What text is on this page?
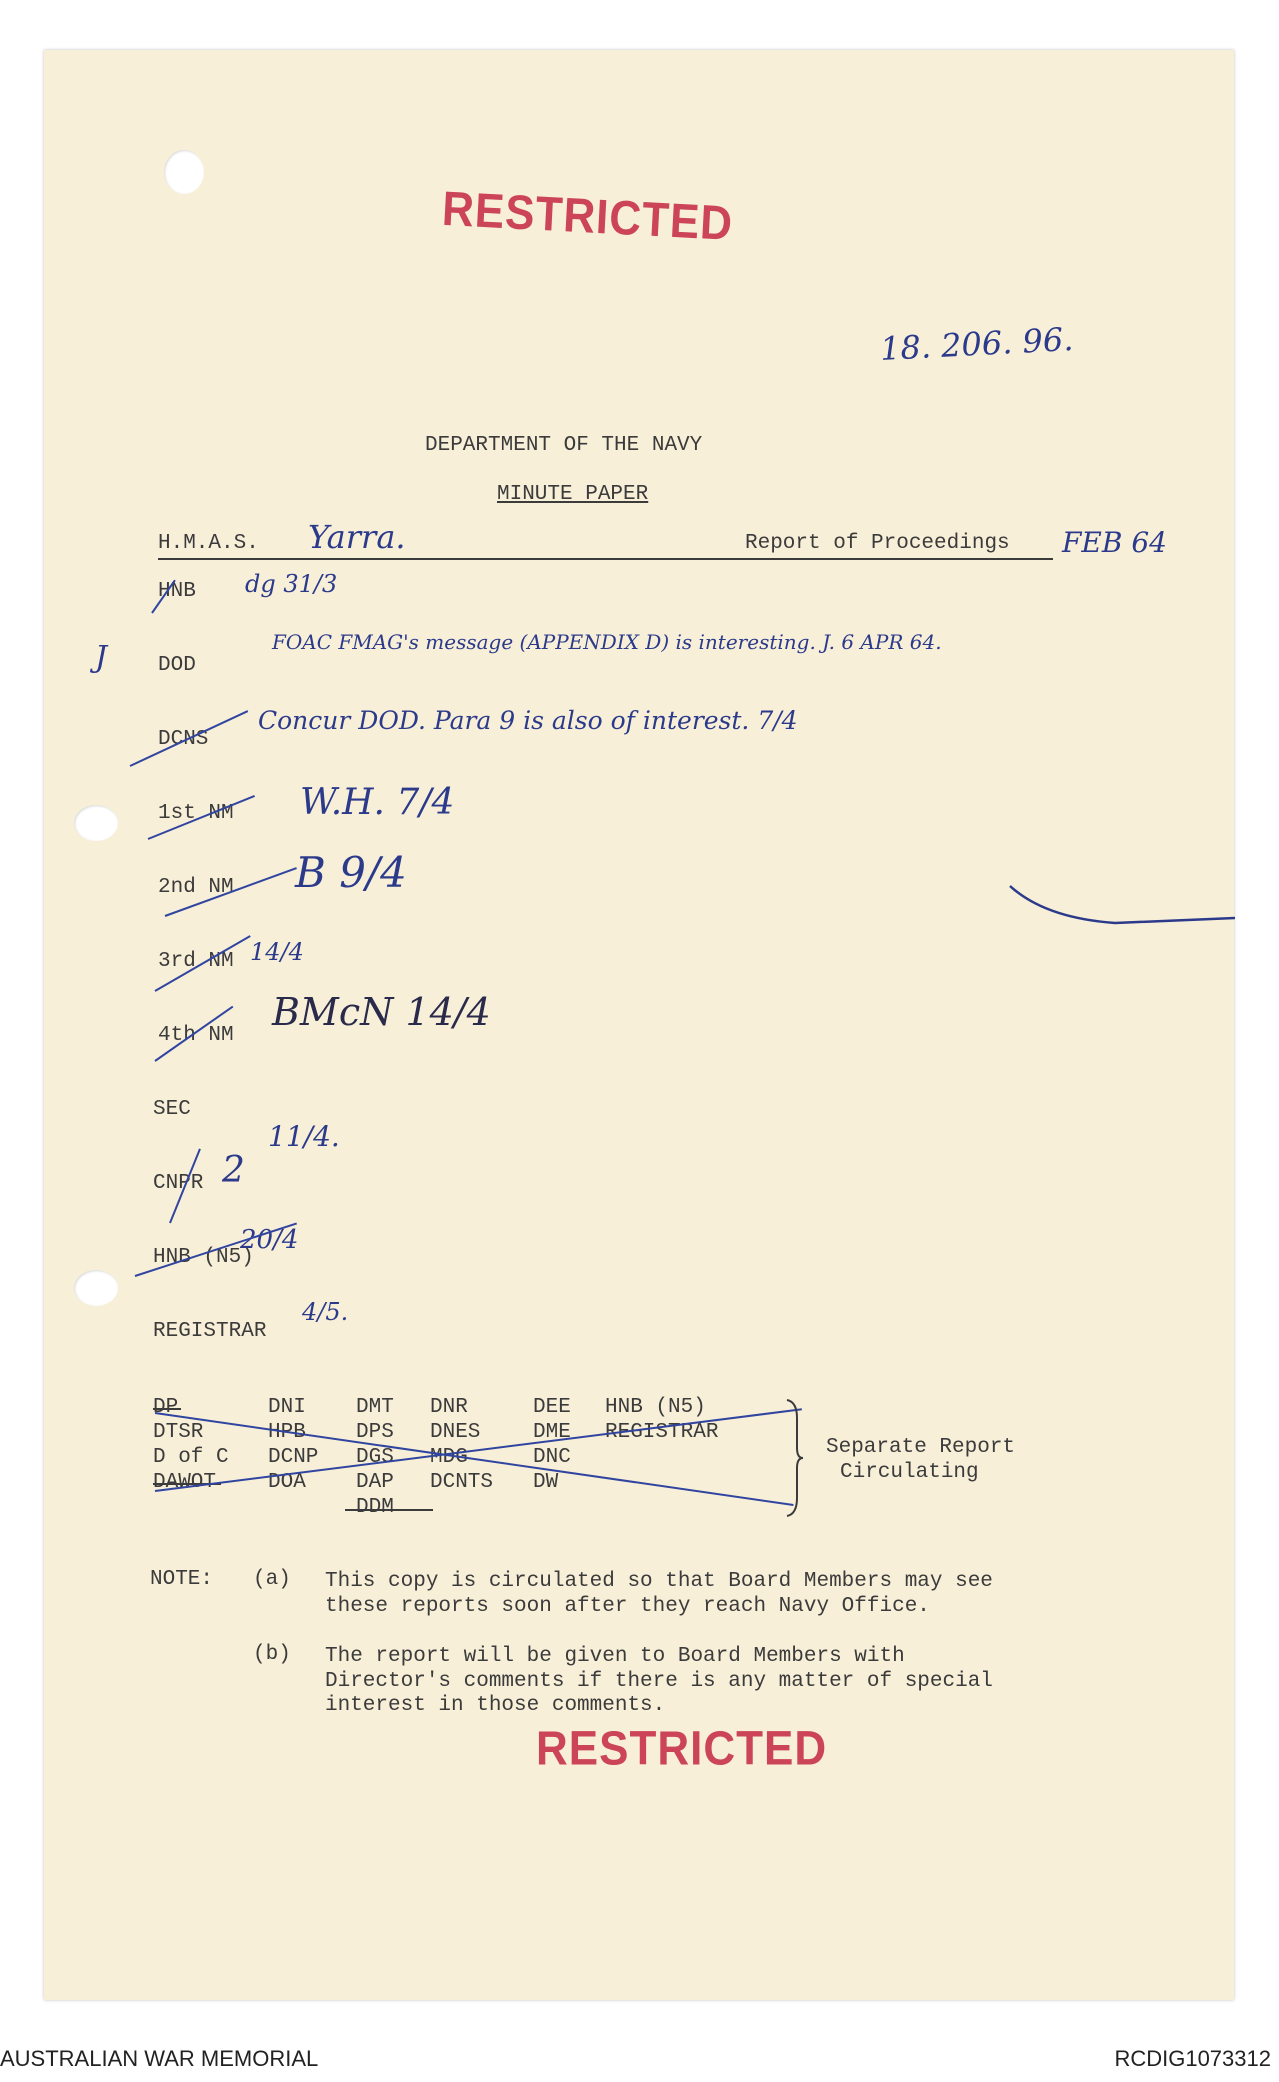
RESTRICTED
18. 206. 96.
DEPARTMENT OF THE NAVY
MINUTE PAPER
H.M.A.S. Yarra.	Report of Proceedings FEB 64
HNB dg 31/3
DOD
FOAC FMAG's message (APPENDIX D) is interesting. J. 6 APR 64.
J
DCNS
Concur DOD. Para 9 is also of interest. 7/4
1st NM W.H. 7/4
2nd NM B 9/4
3rd NM 14/4
4th NM
BMcN 14/4
SEC
11/4.
CNPR 2
HNB (N5)
20/4
REGISTRAR
4/5.
DP
DTSR
D of C
DAWOT
DNI
HPB
DCNP
DOA
DMT
DPS
DGS
DAP
DDM
DNR
DNES
MDG
DCNTS
DEE
DME
DNC
DW
HNB (N5)
REGISTRAR
Separate Report
Circulating
NOTE: (a) This copy is circulated so that Board Members may see
these reports soon after they reach Navy Office.
(b) The report will be given to Board Members with
Director's comments if there is any matter of special
interest in those comments.
RESTRICTED
AUSTRALIAN WAR MEMORIAL	RCDIG1073312
